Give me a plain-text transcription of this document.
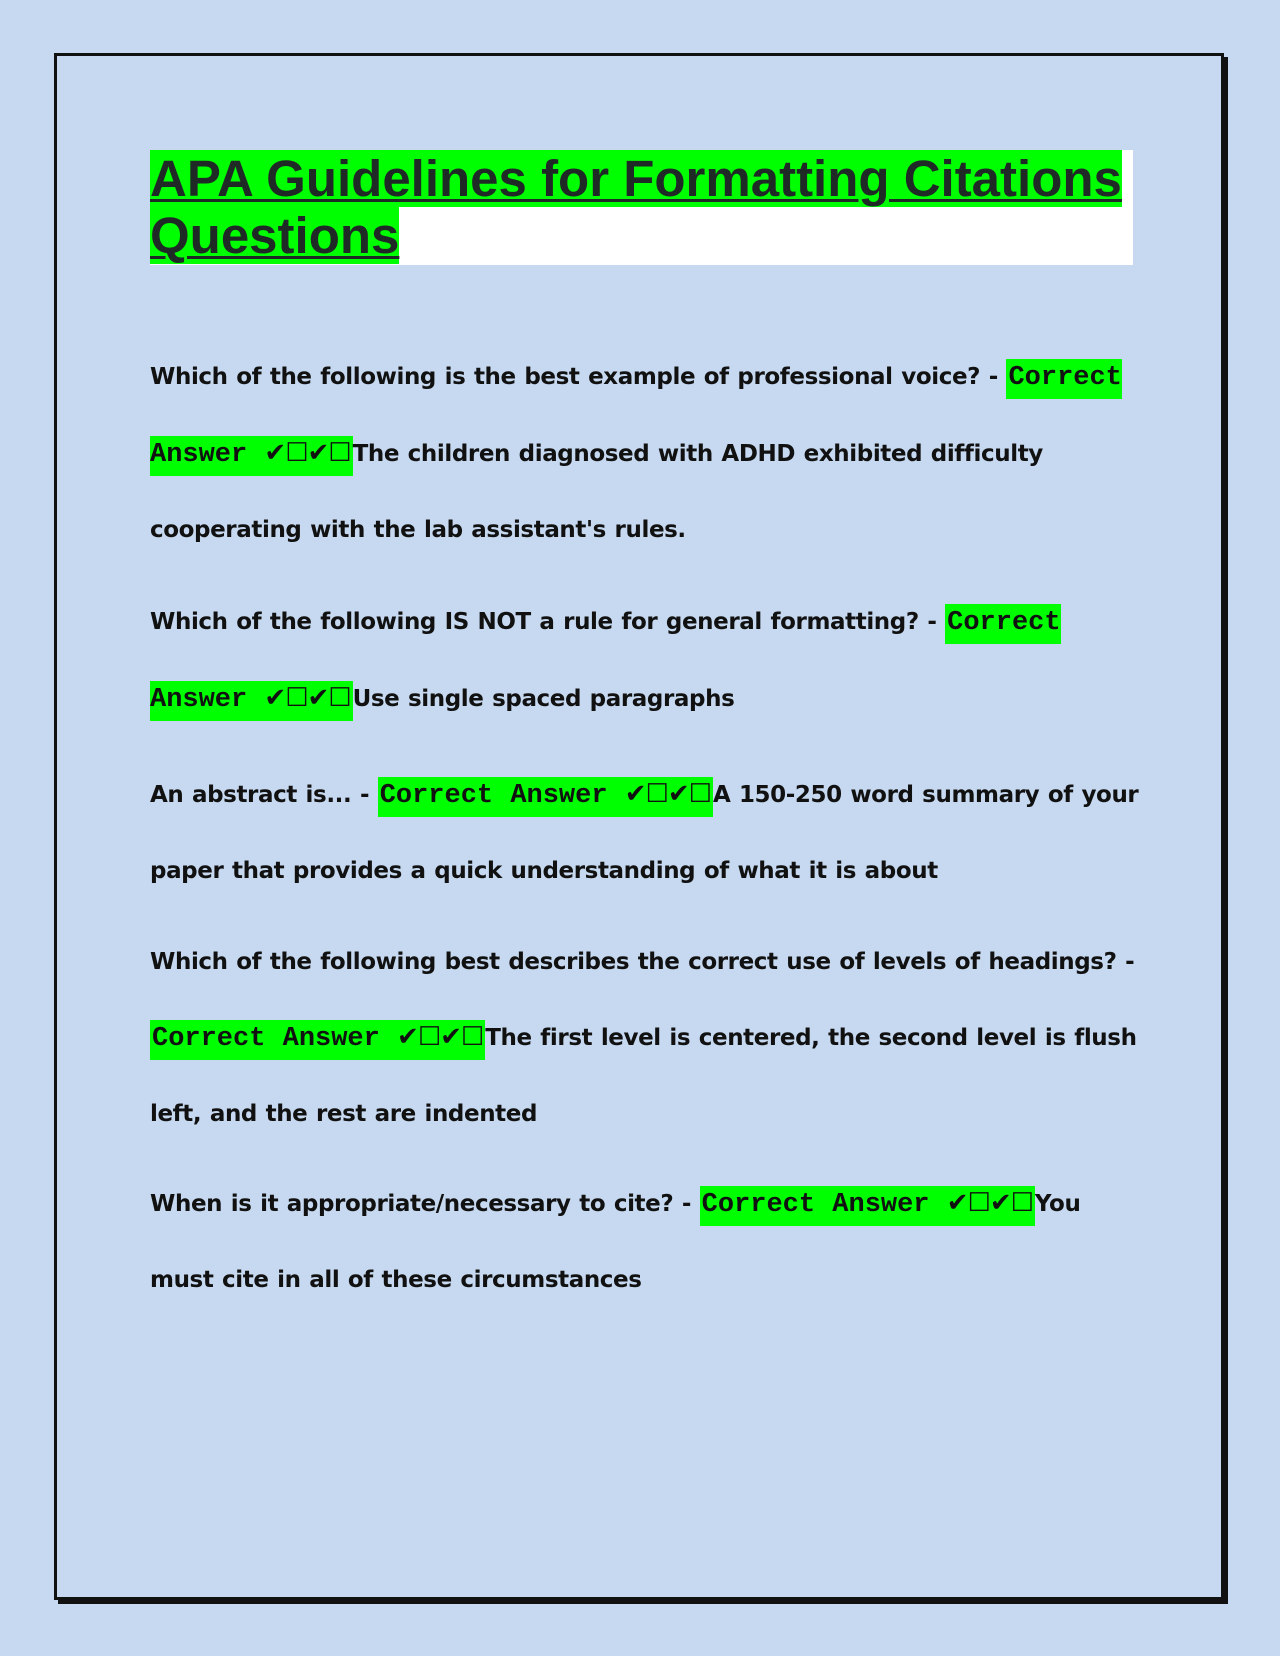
APA Guidelines for Formatting Citations
Questions

Which of the following is the best example of professional voice? - Correct Answer ✔☐✔☐The children diagnosed with ADHD exhibited difficulty cooperating with the lab assistant's rules.

Which of the following IS NOT a rule for general formatting? - Correct Answer ✔☐✔☐Use single spaced paragraphs

An abstract is... - Correct Answer ✔☐✔☐A 150-250 word summary of your paper that provides a quick understanding of what it is about

Which of the following best describes the correct use of levels of headings? - Correct Answer ✔☐✔☐The first level is centered, the second level is flush left, and the rest are indented

When is it appropriate/necessary to cite? - Correct Answer ✔☐✔☐You must cite in all of these circumstances
